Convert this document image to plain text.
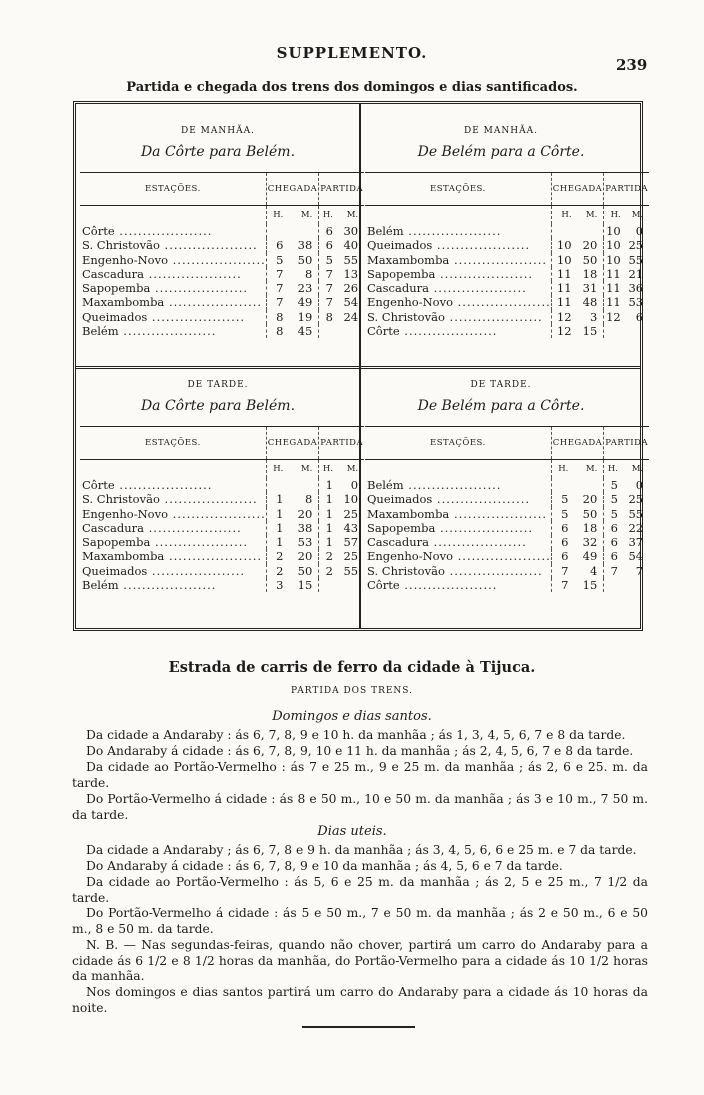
SUPPLEMENTO.
239
Partida e chegada dos trens dos domingos e dias santificados.
DE MANHÃA.
Da Côrte para Belém.
ESTAÇÕES.	CHEGADA		PARTIDA	
	H.	M.	H.	M.
Côrte ....................			6	30
S. Christovão ....................	6	38	6	40
Engenho-Novo ....................	5	50	5	55
Cascadura ....................	7	8	7	13
Sapopemba ....................	7	23	7	26
Maxambomba ....................	7	49	7	54
Queimados ....................	8	19	8	24
Belém ....................	8	45		
DE MANHÃA.
De Belém para a Côrte.
ESTAÇÕES.	CHEGADA		PARTIDA	
	H.	M.	H.	M.
Belém ....................			10	0
Queimados ....................	10	20	10	25
Maxambomba ....................	10	50	10	55
Sapopemba ....................	11	18	11	21
Cascadura ....................	11	31	11	36
Engenho-Novo ....................	11	48	11	53
S. Christovão ....................	12	3	12	6
Côrte ....................	12	15		
DE TARDE.
Da Côrte para Belém.
ESTAÇÕES.	CHEGADA		PARTIDA	
	H.	M.	H.	M.
Côrte ....................			1	0
S. Christovão ....................	1	8	1	10
Engenho-Novo ....................	1	20	1	25
Cascadura ....................	1	38	1	43
Sapopemba ....................	1	53	1	57
Maxambomba ....................	2	20	2	25
Queimados ....................	2	50	2	55
Belém ....................	3	15		
DE TARDE.
De Belém para a Côrte.
ESTAÇÕES.	CHEGADA		PARTIDA	
	H.	M.	H.	M.
Belém ....................			5	0
Queimados ....................	5	20	5	25
Maxambomba ....................	5	50	5	55
Sapopemba ....................	6	18	6	22
Cascadura ....................	6	32	6	37
Engenho-Novo ....................	6	49	6	54
S. Christovão ....................	7	4	7	7
Côrte ....................	7	15		
Estrada de carris de ferro da cidade à Tijuca.
PARTIDA DOS TRENS.
Domingos e dias santos.
Da cidade a Andaraby : ás 6, 7, 8, 9 e 10 h. da manhãa ; ás 1, 3, 4, 5, 6, 7 e 8 da tarde.
Do Andaraby á cidade : ás 6, 7, 8, 9, 10 e 11 h. da manhãa ; ás 2, 4, 5, 6, 7 e 8 da tarde.
Da cidade ao Portão-Vermelho : ás 7 e 25 m., 9 e 25 m. da manhãa ; ás 2, 6 e 25. m. da tarde.
Do Portão-Vermelho á cidade : ás 8 e 50 m., 10 e 50 m. da manhãa ; ás 3 e 10 m., 7 50 m. da tarde.
Dias uteis.
Da cidade a Andaraby ; ás 6, 7, 8 e 9 h. da manhãa ; ás 3, 4, 5, 6, 6 e 25 m. e 7 da tarde.
Do Andaraby á cidade : ás 6, 7, 8, 9 e 10 da manhãa ; ás 4, 5, 6 e 7 da tarde.
Da cidade ao Portão-Vermelho : ás 5, 6 e 25 m. da manhãa ; ás 2, 5 e 25 m., 7 1/2 da tarde.
Do Portão-Vermelho á cidade : ás 5 e 50 m., 7 e 50 m. da manhãa ; ás 2 e 50 m., 6 e 50 m., 8 e 50 m. da tarde.
N. B. — Nas segundas-feiras, quando não chover, partirá um carro do Andaraby para a cidade ás 6 1/2 e 8 1/2 horas da manhãa, do Portão-Vermelho para a cidade ás 10 1/2 horas da manhãa.
Nos domingos e dias santos partirá um carro do Andaraby para a cidade ás 10 horas da noite.
